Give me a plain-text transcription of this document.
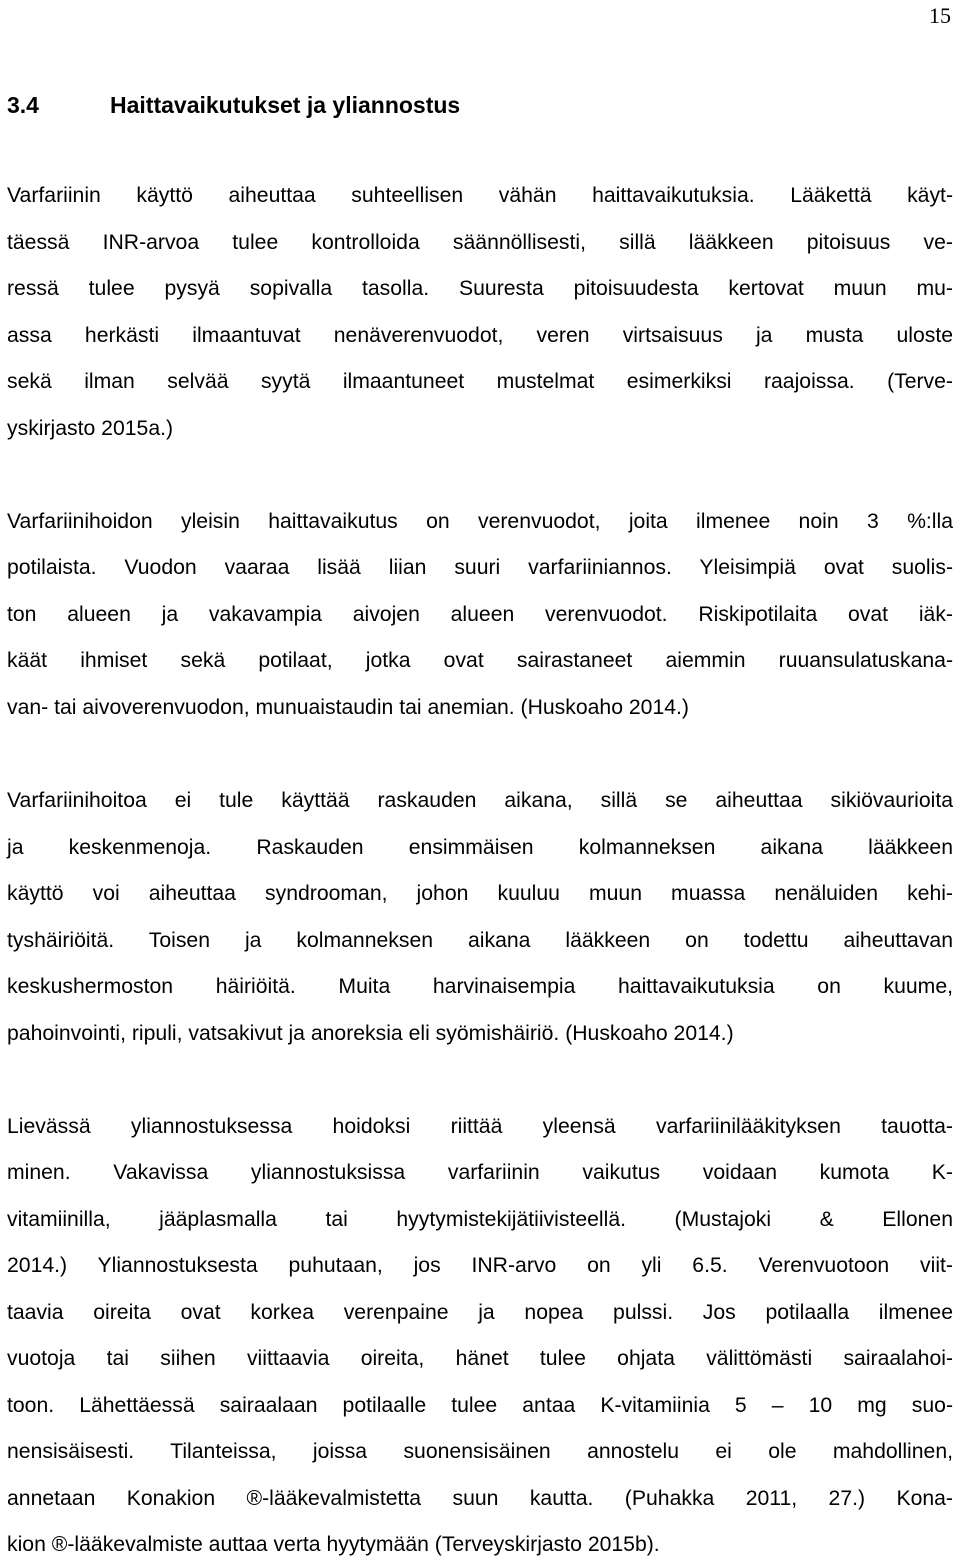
15
3.4	Haittavaikutukset ja yliannostus
Varfariinin käyttö aiheuttaa suhteellisen vähän haittavaikutuksia. Lääkettä käyt-
täessä INR-arvoa tulee kontrolloida säännöllisesti, sillä lääkkeen pitoisuus ve-
ressä tulee pysyä sopivalla tasolla. Suuresta pitoisuudesta kertovat muun mu-
assa herkästi ilmaantuvat nenäverenvuodot, veren virtsaisuus ja musta uloste
sekä ilman selvää syytä ilmaantuneet mustelmat esimerkiksi raajoissa. (Terve-
yskirjasto 2015a.)
Varfariinihoidon yleisin haittavaikutus on verenvuodot, joita ilmenee noin 3 %:lla
potilaista. Vuodon vaaraa lisää liian suuri varfariiniannos. Yleisimpiä ovat suolis-
ton alueen ja vakavampia aivojen alueen verenvuodot. Riskipotilaita ovat iäk-
käät ihmiset sekä potilaat, jotka ovat sairastaneet aiemmin ruuansulatuskana-
van- tai aivoverenvuodon, munuaistaudin tai anemian. (Huskoaho 2014.)
Varfariinihoitoa ei tule käyttää raskauden aikana, sillä se aiheuttaa sikiövaurioita
ja keskenmenoja. Raskauden ensimmäisen kolmanneksen aikana lääkkeen
käyttö voi aiheuttaa syndrooman, johon kuuluu muun muassa nenäluiden kehi-
tyshäiriöitä. Toisen ja kolmanneksen aikana lääkkeen on todettu aiheuttavan
keskushermoston häiriöitä. Muita harvinaisempia haittavaikutuksia on kuume,
pahoinvointi, ripuli, vatsakivut ja anoreksia eli syömishäiriö. (Huskoaho 2014.)
Lievässä yliannostuksessa hoidoksi riittää yleensä varfariinilääkityksen tauotta-
minen. Vakavissa yliannostuksissa varfariinin vaikutus voidaan kumota K-
vitamiinilla, jääplasmalla tai hyytymistekijätiivisteellä. (Mustajoki & Ellonen
2014.) Yliannostuksesta puhutaan, jos INR-arvo on yli 6.5. Verenvuotoon viit-
taavia oireita ovat korkea verenpaine ja nopea pulssi. Jos potilaalla ilmenee
vuotoja tai siihen viittaavia oireita, hänet tulee ohjata välittömästi sairaalahoi-
toon. Lähettäessä sairaalaan potilaalle tulee antaa K-vitamiinia 5 – 10 mg suo-
nensisäisesti. Tilanteissa, joissa suonensisäinen annostelu ei ole mahdollinen,
annetaan Konakion ®-lääkevalmistetta suun kautta. (Puhakka 2011, 27.) Kona-
kion ®-lääkevalmiste auttaa verta hyytymään (Terveyskirjasto 2015b).
